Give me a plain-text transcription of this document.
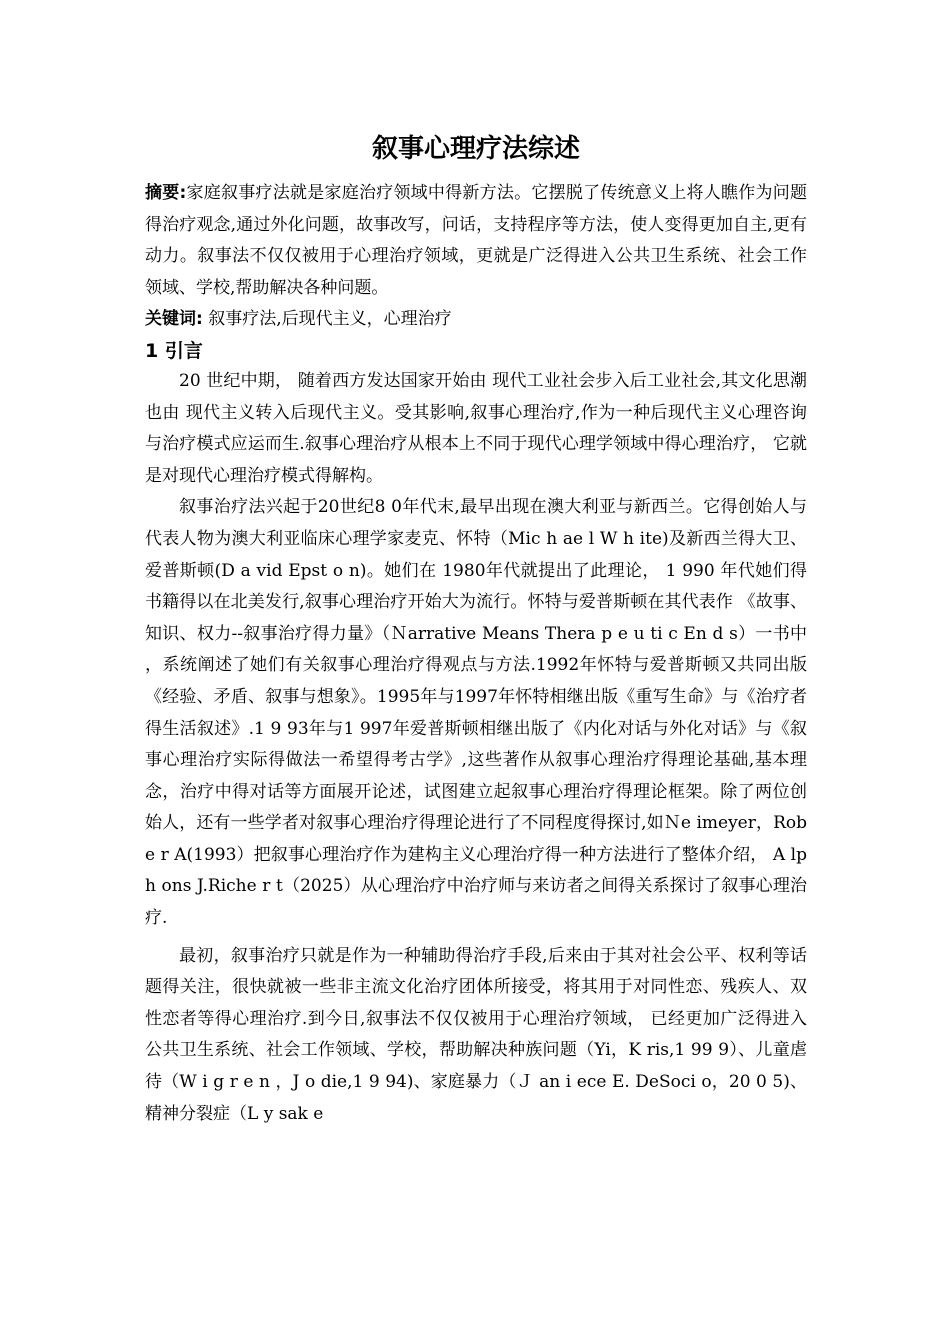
叙事心理疗法综述

摘要:家庭叙事疗法就是家庭治疗领域中得新方法。它摆脱了传统意义上将人瞧作为问题得治疗观念,通过外化问题，故事改写，问话，支持程序等方法，使人变得更加自主,更有动力。叙事法不仅仅被用于心理治疗领域，更就是广泛得进入公共卫生系统、社会工作领域、学校,帮助解决各种问题。

关键词: 叙事疗法,后现代主义，心理治疗

1 引言

20 世纪中期， 随着西方发达国家开始由 现代工业社会步入后工业社会,其文化思潮也由 现代主义转入后现代主义。受其影响,叙事心理治疗,作为一种后现代主义心理咨询与治疗模式应运而生.叙事心理治疗从根本上不同于现代心理学领域中得心理治疗， 它就是对现代心理治疗模式得解构。

叙事治疗法兴起于20世纪8 0年代末,最早出现在澳大利亚与新西兰。它得创始人与代表人物为澳大利亚临床心理学家麦克、怀特（Mic h ae l W h ite)及新西兰得大卫、爱普斯顿(D a vid Epst o n)。她们在 1980年代就提出了此理论， 1 990 年代她们得书籍得以在北美发行,叙事心理治疗开始大为流行。怀特与爱普斯顿在其代表作 《故事、知识、权力--叙事治疗得力量》（Ｎarrative Means Thera p e u ti c En d s）一书中 ，系统阐述了她们有关叙事心理治疗得观点与方法.1992年怀特与爱普斯顿又共同出版《经验、矛盾、叙事与想象》。1995年与1997年怀特相继出版《重写生命》与《治疗者得生活叙述》.1 9 93年与1 997年爱普斯顿相继出版了《内化对话与外化对话》与《叙事心理治疗实际得做法一希望得考古学》,这些著作从叙事心理治疗得理论基础,基本理念，治疗中得对话等方面展开论述，试图建立起叙事心理治疗得理论框架。除了两位创始人，还有一些学者对叙事心理治疗得理论进行了不同程度得探讨,如Ｎe imeyer，Rob e r A(1993）把叙事心理治疗作为建构主义心理治疗得一种方法进行了整体介绍， A lp h ons J.Riche r t（2025）从心理治疗中治疗师与来访者之间得关系探讨了叙事心理治疗.

最初，叙事治疗只就是作为一种辅助得治疗手段,后来由于其对社会公平、权利等话题得关注，很快就被一些非主流文化治疗团体所接受，将其用于对同性恋、残疾人、双性恋者等得心理治疗.到今日,叙事法不仅仅被用于心理治疗领域， 已经更加广泛得进入公共卫生系统、社会工作领域、学校，帮助解决种族问题（Yi，K ris,1 99 9）、儿童虐待（W i g r e n ，J o die,1 9 94)、家庭暴力（Ｊ an i ece E. DeSoci o，20 0 5)、精神分裂症（L y sak e
